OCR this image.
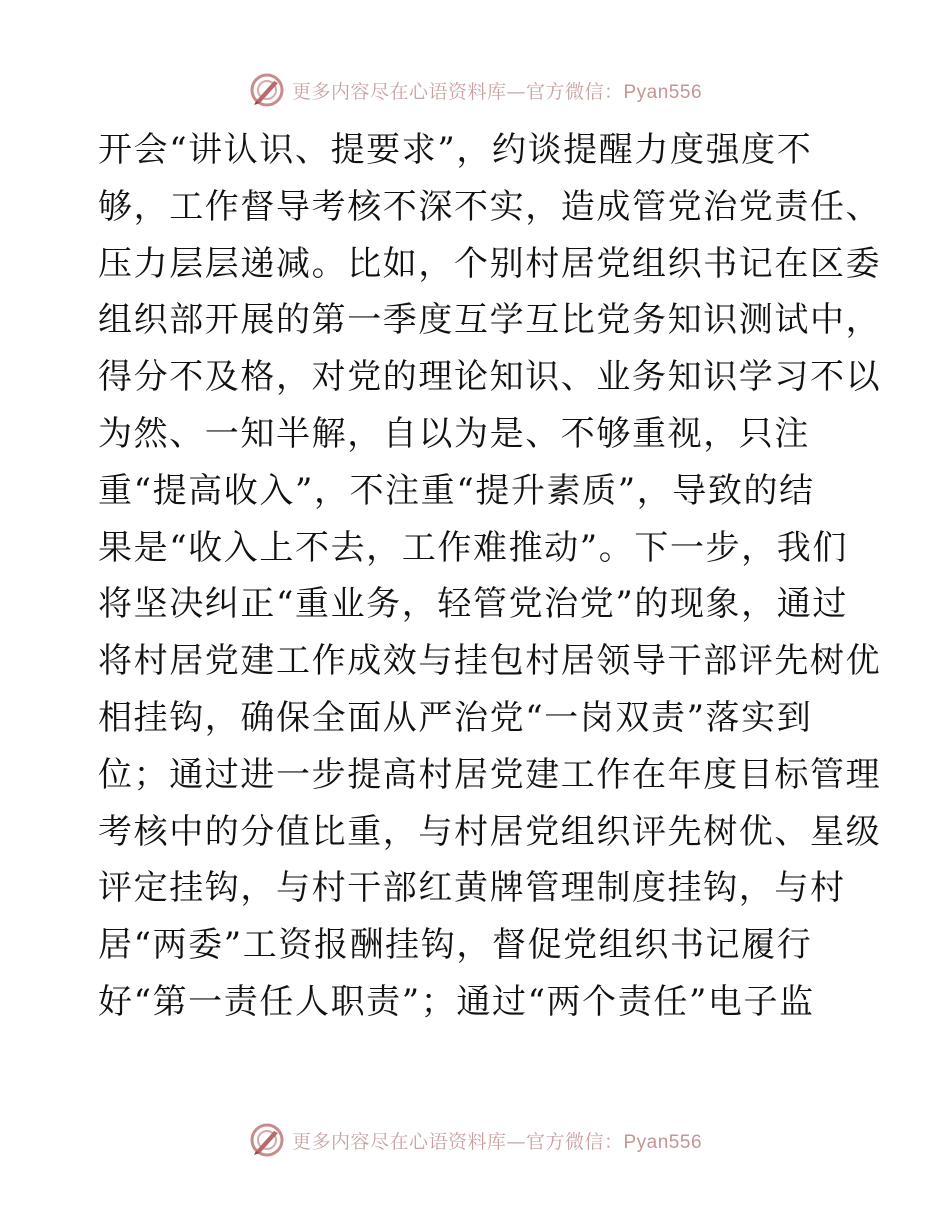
更多内容尽在心语资料库—官方微信：Pyan556
开会“讲认识、提要求”，约谈提醒力度强度不
够，工作督导考核不深不实，造成管党治党责任、
压力层层递减。比如，个别村居党组织书记在区委
组织部开展的第一季度互学互比党务知识测试中，
得分不及格，对党的理论知识、业务知识学习不以
为然、一知半解，自以为是、不够重视，只注
重“提高收入”，不注重“提升素质”，导致的结
果是“收入上不去，工作难推动”。下一步，我们
将坚决纠正“重业务，轻管党治党”的现象，通过
将村居党建工作成效与挂包村居领导干部评先树优
相挂钩，确保全面从严治党“一岗双责”落实到
位；通过进一步提高村居党建工作在年度目标管理
考核中的分值比重，与村居党组织评先树优、星级
评定挂钩，与村干部红黄牌管理制度挂钩，与村
居“两委”工资报酬挂钩，督促党组织书记履行
好“第一责任人职责”；通过“两个责任”电子监
更多内容尽在心语资料库—官方微信：Pyan556
